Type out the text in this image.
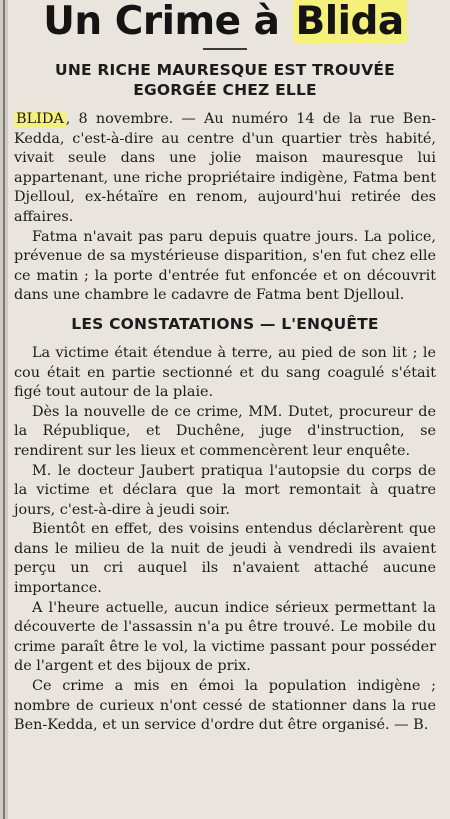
Un Crime à Blida

UNE RICHE MAURESQUE EST TROUVÉE
EGORGÉE CHEZ ELLE

BLIDA , 8 novembre. — Au numéro 14 de la rue Ben-Kedda, c'est-à-dire au centre d'un quartier très habité, vivait seule dans une jolie maison mauresque lui appartenant, une riche propriétaire indigène, Fatma bent Djelloul, ex-hétaïre en renom, aujourd'hui retirée des affaires.

Fatma n'avait pas paru depuis quatre jours. La police, prévenue de sa mystérieuse disparition, s'en fut chez elle ce matin ; la porte d'entrée fut enfoncée et on découvrit dans une chambre le cadavre de Fatma bent Djelloul.

LES CONSTATATIONS — L'ENQUÊTE

La victime était étendue à terre, au pied de son lit ; le cou était en partie sectionné et du sang coagulé s'était figé tout autour de la plaie.

Dès la nouvelle de ce crime, MM. Dutet, procureur de la République, et Duchêne, juge d'instruction, se rendirent sur les lieux et commencèrent leur enquête.

M. le docteur Jaubert pratiqua l'autopsie du corps de la victime et déclara que la mort remontait à quatre jours, c'est-à-dire à jeudi soir.

Bientôt en effet, des voisins entendus déclarèrent que dans le milieu de la nuit de jeudi à vendredi ils avaient perçu un cri auquel ils n'avaient attaché aucune importance.

A l'heure actuelle, aucun indice sérieux permettant la découverte de l'assassin n'a pu être trouvé. Le mobile du crime paraît être le vol, la victime passant pour posséder de l'argent et des bijoux de prix.

Ce crime a mis en émoi la population indigène ; nombre de curieux n'ont cessé de stationner dans la rue Ben-Kedda, et un service d'ordre dut être organisé. — B.
